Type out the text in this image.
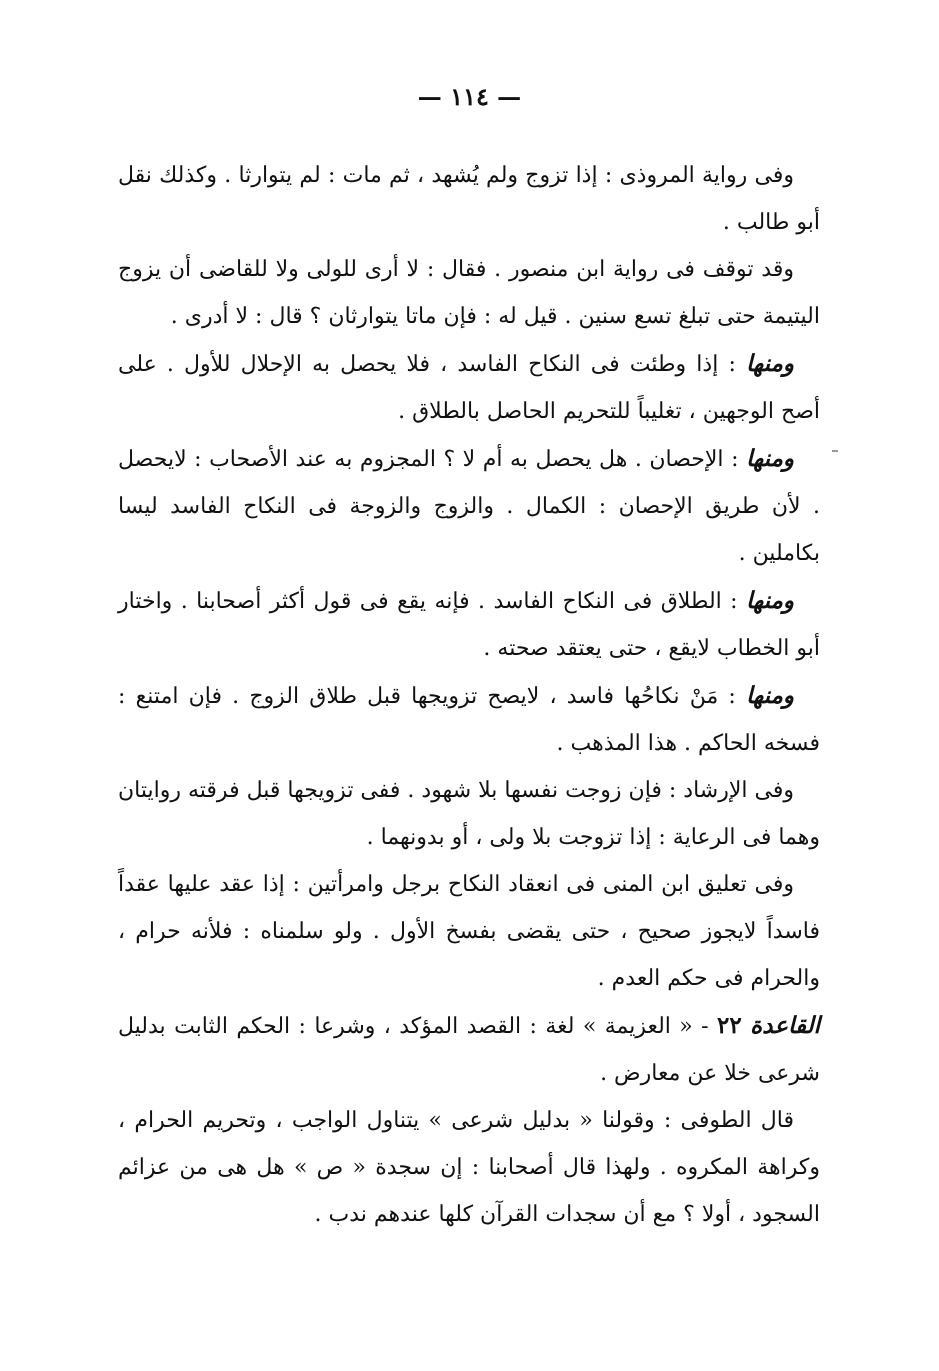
— ١١٤ —

وفى رواية المروذى : إذا تزوج ولم يُشهد ، ثم مات : لم يتوارثا . وكذلك نقل أبو طالب .

وقد توقف فى رواية ابن منصور . فقال : لا أرى للولى ولا للقاضى أن يزوج اليتيمة حتى تبلغ تسع سنين . قيل له : فإن ماتا يتوارثان ؟ قال : لا أدرى .

ومنها : إذا وطئت فى النكاح الفاسد ، فلا يحصل به الإحلال للأول . على أصح الوجهين ، تغليباً للتحريم الحاصل بالطلاق .

ومنها : الإحصان . هل يحصل به أم لا ؟ المجزوم به عند الأصحاب : لايحصل . لأن طريق الإحصان : الكمال . والزوج والزوجة فى النكاح الفاسد ليسا بكاملين .

ومنها : الطلاق فى النكاح الفاسد . فإنه يقع فى قول أكثر أصحابنا . واختار أبو الخطاب لايقع ، حتى يعتقد صحته .

ومنها : مَنْ نكاحُها فاسد ، لايصح تزويجها قبل طلاق الزوج . فإن امتنع : فسخه الحاكم . هذا المذهب .

وفى الإرشاد : فإن زوجت نفسها بلا شهود . ففى تزويجها قبل فرقته روايتان وهما فى الرعاية : إذا تزوجت بلا ولى ، أو بدونهما .

وفى تعليق ابن المنى فى انعقاد النكاح برجل وامرأتين : إذا عقد عليها عقداً فاسداً لايجوز صحيح ، حتى يقضى بفسخ الأول . ولو سلمناه : فلأنه حرام ، والحرام فى حكم العدم .

القاعدة ٢٢ - « العزيمة » لغة : القصد المؤكد ، وشرعا : الحكم الثابت بدليل شرعى خلا عن معارض .

قال الطوفى : وقولنا « بدليل شرعى » يتناول الواجب ، وتحريم الحرام ، وكراهة المكروه . ولهذا قال أصحابنا : إن سجدة « ص » هل هى من عزائم السجود ، أولا ؟ مع أن سجدات القرآن كلها عندهم ندب .
